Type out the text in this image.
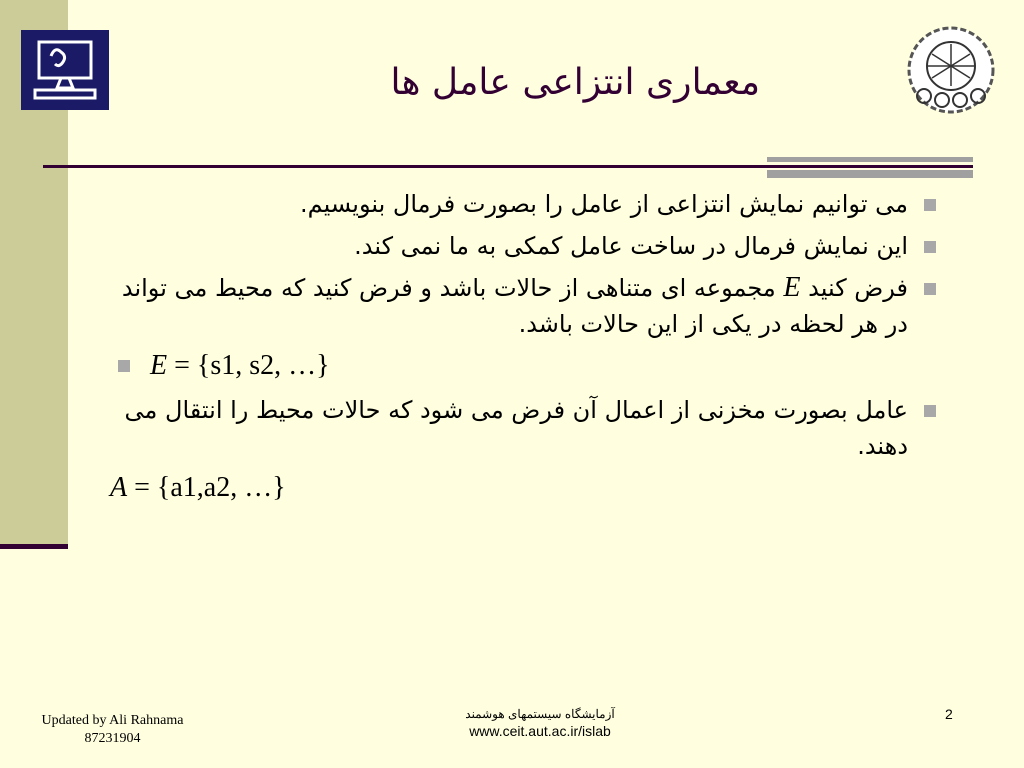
معماری انتزاعی عامل ها
می توانیم نمایش انتزاعی از عامل را بصورت فرمال بنویسیم.
این نمایش فرمال در ساخت عامل کمکی به ما نمی کند.
فرض کنید E مجموعه ای متناهی از حالات باشد و فرض کنید که محیط می تواند در هر لحظه در یکی از این حالات باشد.
E = {s1, s2, …}
عامل بصورت مخزنی از اعمال آن فرض می شود که حالات محیط را انتقال می دهند.
A = {a1,a2, …}
Updated by Ali Rahnama
87231904
آزمایشگاه سیستمهای هوشمند
www.ceit.aut.ac.ir/islab
2
